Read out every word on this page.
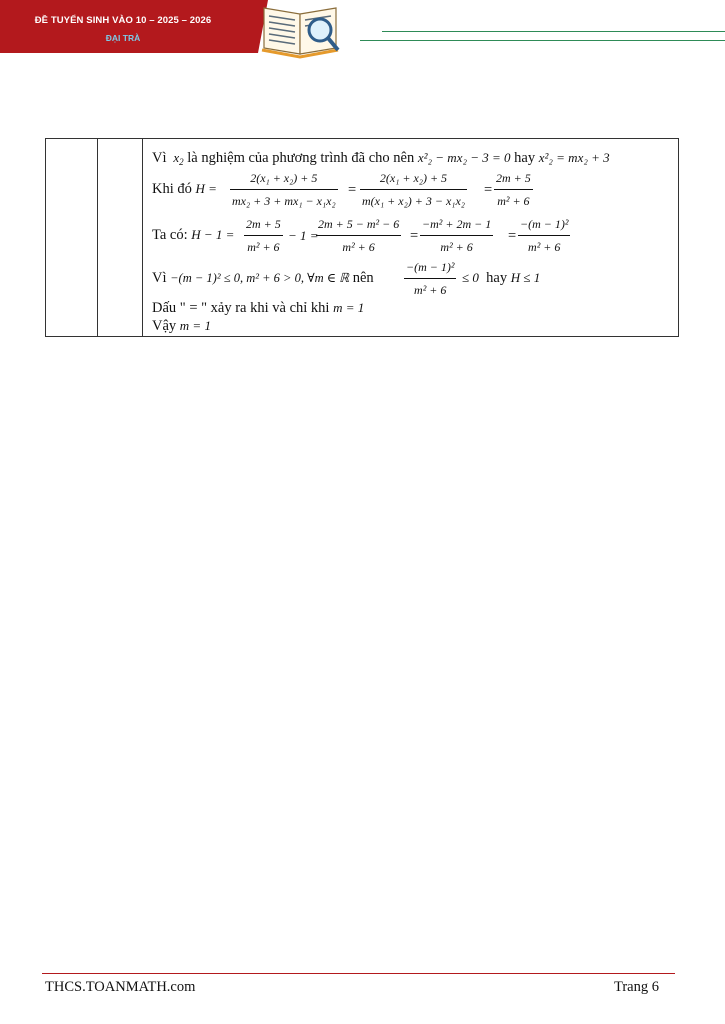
ĐỀ TUYỂN SINH VÀO 10 – 2025 – 2026
ĐẠI TRÀ
Vì $x_2$ là nghiệm của phương trình đã cho nên x²₂ − mx₂ − 3 = 0 hay x²₂ = mx₂ + 3
Khi đó $H = \frac{\text{2(x₁ + x₂) + 5}}{\text{mx₂ + 3 + mx₁ − x₁x₂}} = \frac{\text{2(x₁ + x₂) + 5}}{\text{m(x₁ + x₂) + 3 − x₁x₂}} = \frac{2m + 5}{\text{m² + 6}}$
Ta có: $H - 1 = \frac{2m + 5}{\text{m² + 6}} - 1$ =
$\frac{\text{2m + 5 − m² − 6}}{\text{m² + 6}} = \frac{\text{−m² + 2m − 1}}{\text{m² + 6}} = \frac{\text{−(m − 1)²}}{\text{m² + 6}}$
Vì −(m − 1)² ≤ 0, m² + 6 > 0, ∀m ∈ ℝ nên	$\frac{\text{−(m − 1)²}}{\text{m² + 6}} \le 0$ hay H ≤ 1
Dấu " = " xảy ra khi và chỉ khi m = 1
Vậy m = 1
THCS.TOANMATH.com	Trang 6
